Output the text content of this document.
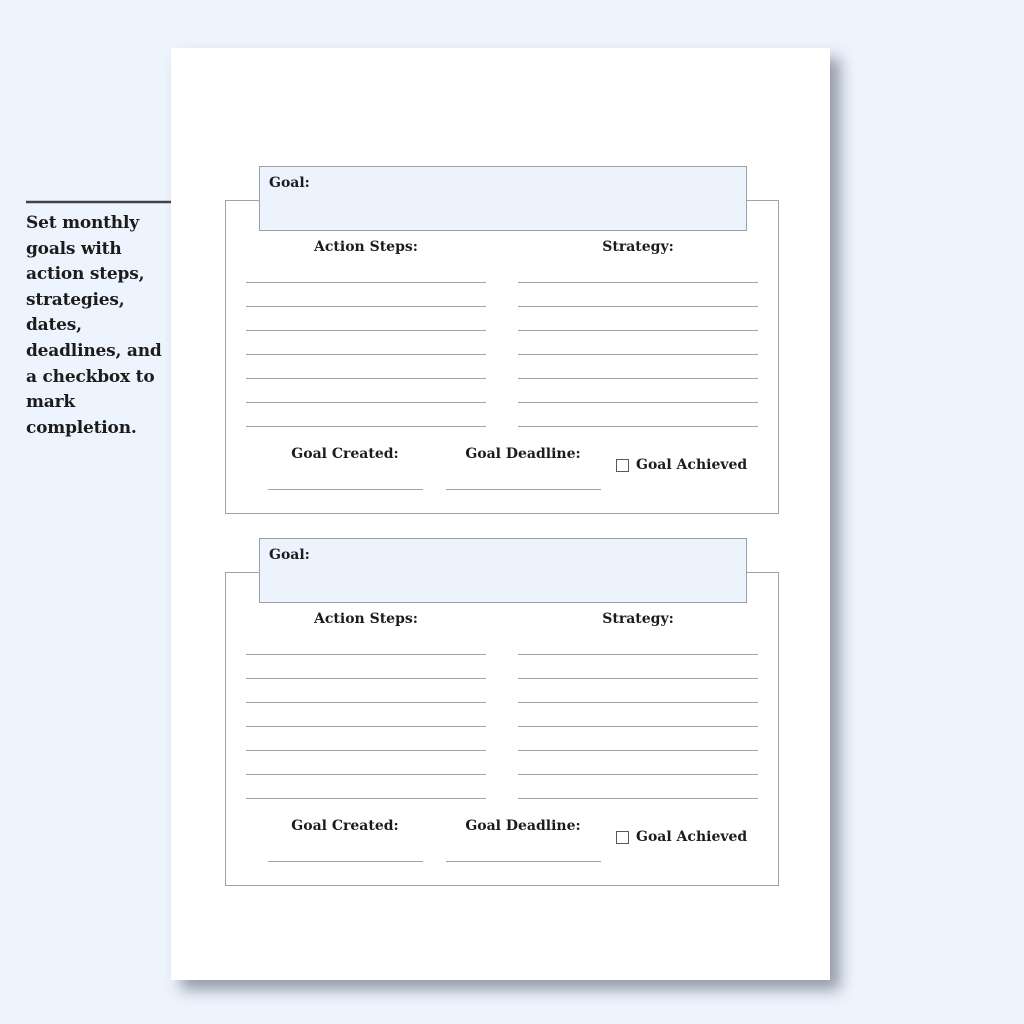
Set monthly goals with action steps, strategies, dates, deadlines, and a checkbox to mark completion.
Goal:
Action Steps:	Strategy:
Goal Created:	Goal Deadline:
Goal Achieved
Goal:
Action Steps:	Strategy:
Goal Created:	Goal Deadline:
Goal Achieved
